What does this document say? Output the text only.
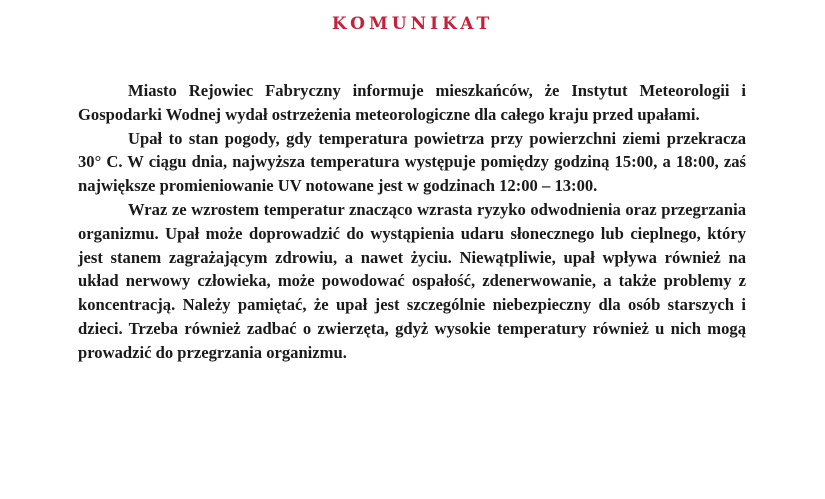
KOMUNIKAT

Miasto Rejowiec Fabryczny informuje mieszkańców, że Instytut Meteorologii i Gospodarki Wodnej wydał ostrzeżenia meteorologiczne dla całego kraju przed upałami.

Upał to stan pogody, gdy temperatura powietrza przy powierzchni ziemi przekracza 30° C. W ciągu dnia, najwyższa temperatura występuje pomiędzy godziną 15:00, a 18:00, zaś największe promieniowanie UV notowane jest w godzinach 12:00 – 13:00.

Wraz ze wzrostem temperatur znacząco wzrasta ryzyko odwodnienia oraz przegrzania organizmu. Upał może doprowadzić do wystąpienia udaru słonecznego lub cieplnego, który jest stanem zagrażającym zdrowiu, a nawet życiu. Niewątpliwie, upał wpływa również na układ nerwowy człowieka, może powodować ospałość, zdenerwowanie, a także problemy z koncentracją. Należy pamiętać, że upał jest szczególnie niebezpieczny dla osób starszych i dzieci. Trzeba również zadbać o zwierzęta, gdyż wysokie temperatury również u nich mogą prowadzić do przegrzania organizmu.
